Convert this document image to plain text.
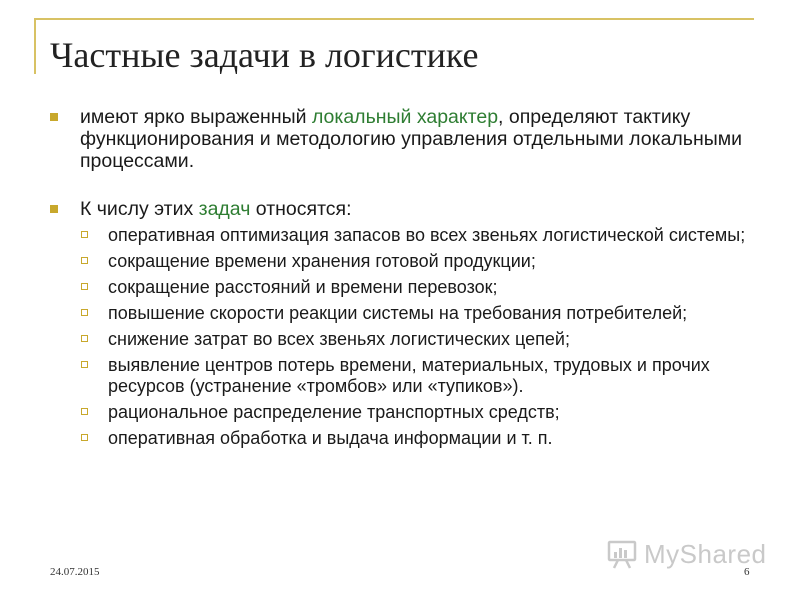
Частные задачи в логистике
имеют ярко выраженный локальный характер, определяют тактику функционирования и методологию управления отдельными локальными процессами.
К числу этих задач относятся:
оперативная оптимизация запасов во всех звеньях логистической системы;
сокращение времени хранения готовой продукции;
сокращение расстояний и времени перевозок;
повышение скорости реакции системы на требования потребителей;
снижение затрат во всех звеньях логистических цепей;
выявление центров потерь времени, материальных, трудовых и прочих ресурсов (устранение «тромбов» или «тупиков»).
рациональное распределение транспортных средств;
оперативная обработка и выдача информации и т. п.
MyShared
24.07.2015	6
